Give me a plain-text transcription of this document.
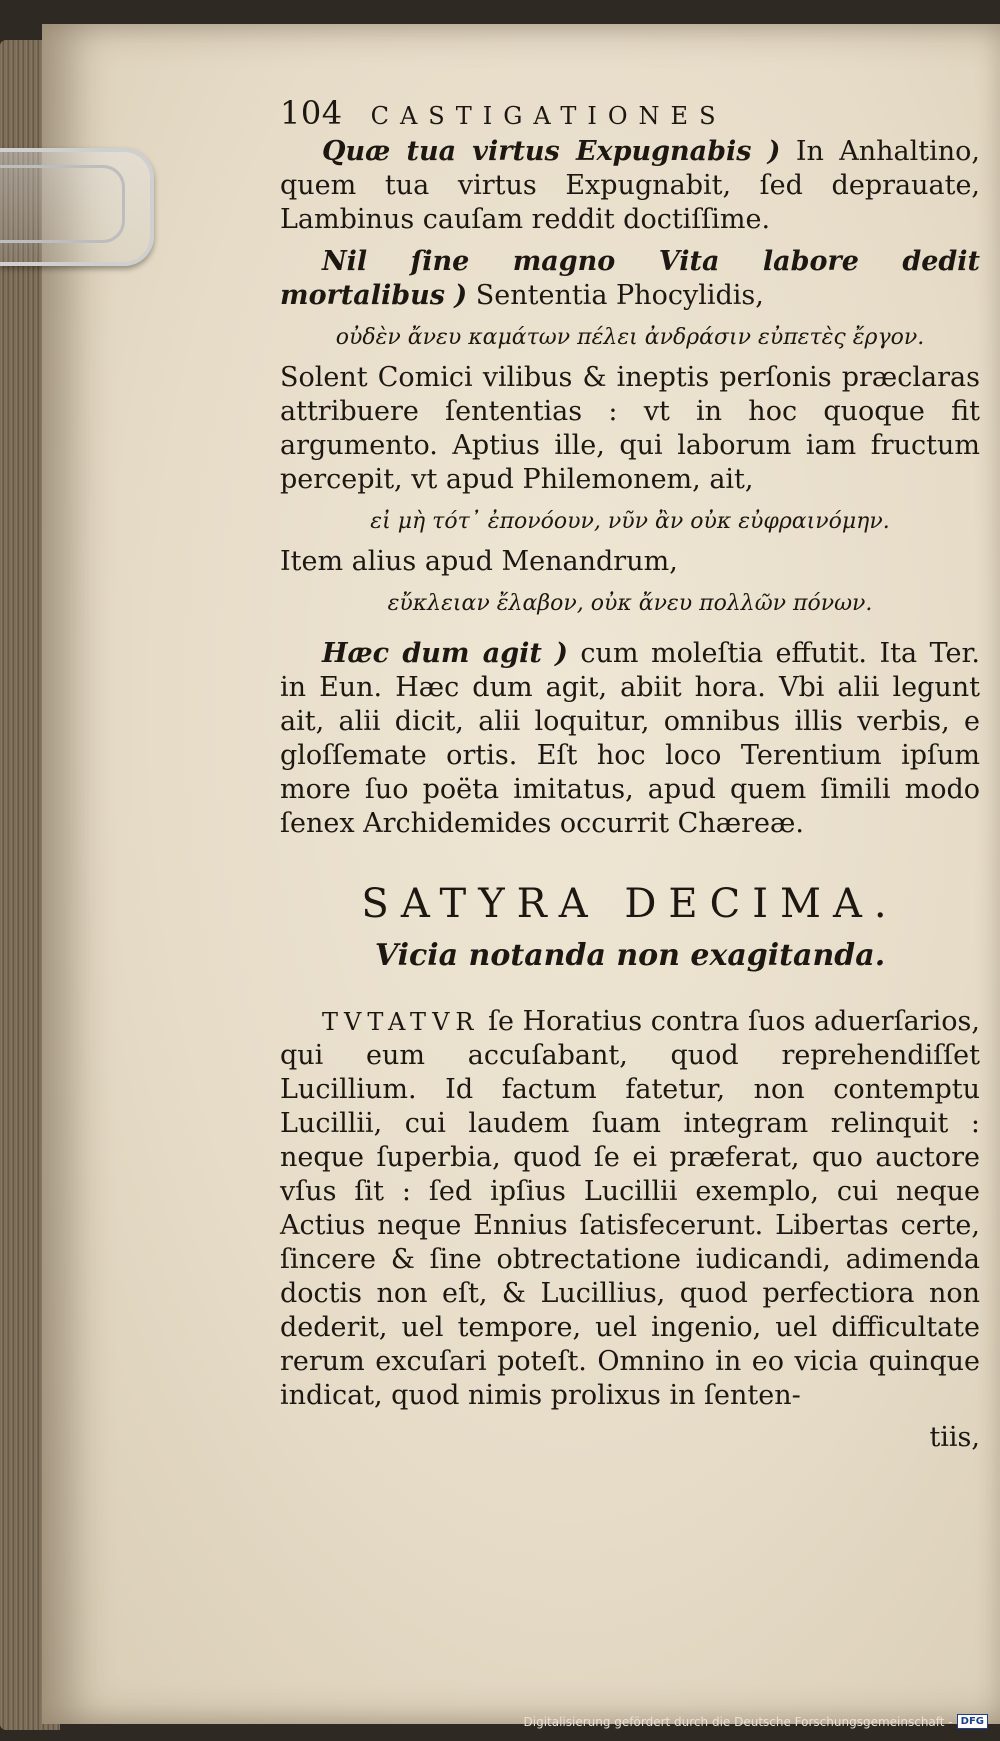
104 CASTIGATIONES

Quæ tua virtus Expugnabis ) In Anhaltino, quem tua virtus Expugnabit, ſed deprauate, Lambinus cauſam reddit doctiſſime.

Nil ſine magno Vita labore dedit mortalibus ) Sententia Phocylidis,

οὐδὲν ἄνευ καμάτων πέλει ἀνδράσιν εὐπετὲς ἔργον.

Solent Comici vilibus & ineptis perſonis præclaras attribuere ſententias : vt in hoc quoque fit argumento. Aptius ille, qui laborum iam fructum percepit, vt apud Philemonem, ait,

εἰ μὴ τότ᾽ ἐπονόουν, νῦν ἂν οὐκ εὐφραινόμην.

Item alius apud Menandrum,

εὔκλειαν ἔλαβον, οὐκ ἄνευ πολλῶν πόνων.

Hæc dum agit ) cum moleſtia effutit. Ita Ter. in Eun. Hæc dum agit, abiit hora. Vbi alii legunt ait, alii dicit, alii loquitur, omnibus illis verbis, e gloſſemate ortis. Eſt hoc loco Terentium ipſum more ſuo poëta imitatus, apud quem ſimili modo ſenex Archidemides occurrit Chæreæ.

SATYRA DECIMA.
Vicia notanda non exagitanda.

TVTATVR ſe Horatius contra ſuos aduerſarios, qui eum accuſabant, quod reprehendiſſet Lucillium. Id factum fatetur, non contemptu Lucillii, cui laudem ſuam integram relinquit : neque ſuperbia, quod ſe ei præferat, quo auctore vſus ſit : ſed ipſius Lucillii exemplo, cui neque Actius neque Ennius ſatisfecerunt. Libertas certe, ſincere & ſine obtrectatione iudicandi, adimenda doctis non eſt, & Lucillius, quod perfectiora non dederit, uel tempore, uel ingenio, uel difficultate rerum excuſari poteſt. Omnino in eo vicia quinque indicat, quod nimis prolixus in ſenten-

tiis,
Digitalisierung gefördert durch die Deutsche Forschungsgemeinschaft - DFG
